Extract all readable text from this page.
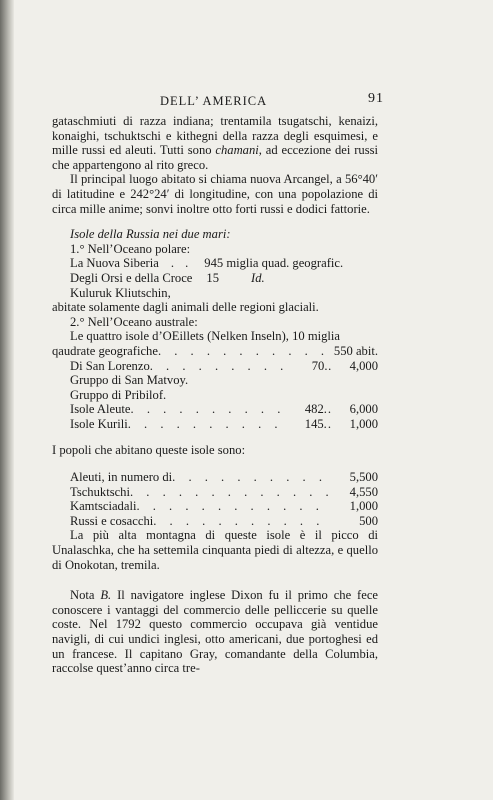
DELL’ AMERICA	91

gataschmiuti di razza indiana; trentamila tsugatschi, kenaizi, konaighi, tschuktschi e kithegni della razza degli esquimesi, e mille russi ed aleuti. Tutti sono chamani, ad eccezione dei russi che appartengono al rito greco.

Il principal luogo abitato si chiama nuova Arcangel, a 56°40′ di latitudine e 242°24′ di longitudine, con una popolazione di circa mille anime; sonvi inoltre otto forti russi e dodici fattorie.

Isole della Russia nei due mari:
1.° Nell’Oceano polare:
La Nuova Siberia . . 945 miglia quad. geografic.
Degli Orsi e della Croce	15	Id.
Kuluruk Kliutschin,
abitate solamente dagli animali delle regioni glaciali.
2.° Nell’Oceano australe:
Le quattro isole d’OEillets (Nelken Inseln), 10 miglia
qaudrate geografiche . . .	550 abit.
Di San Lorenzo . . .	70. .	4,000
Gruppo di San Matvoy.
Gruppo di Pribilof.
Isole Aleute . . .	482. .	6,000
Isole Kurili . . .	145. .	1,000
I popoli che abitano queste isole sono:
Aleuti, in numero di . . .	5,500
Tschuktschi . . .	4,550
Kamtsciadali . . .	1,000
Russi e cosacchi . . .	500

La più alta montagna di queste isole è il picco di Unalaschka, che ha settemila cinquanta piedi di altezza, e quello di Onokotan, tremila.

Nota B. Il navigatore inglese Dixon fu il primo che fece conoscere i vantaggi del commercio delle pelliccerie su quelle coste. Nel 1792 questo commercio occupava già ventidue navigli, di cui undici inglesi, otto americani, due portoghesi ed un francese. Il capitano Gray, comandante della Columbia, raccolse quest’anno circa tre-
